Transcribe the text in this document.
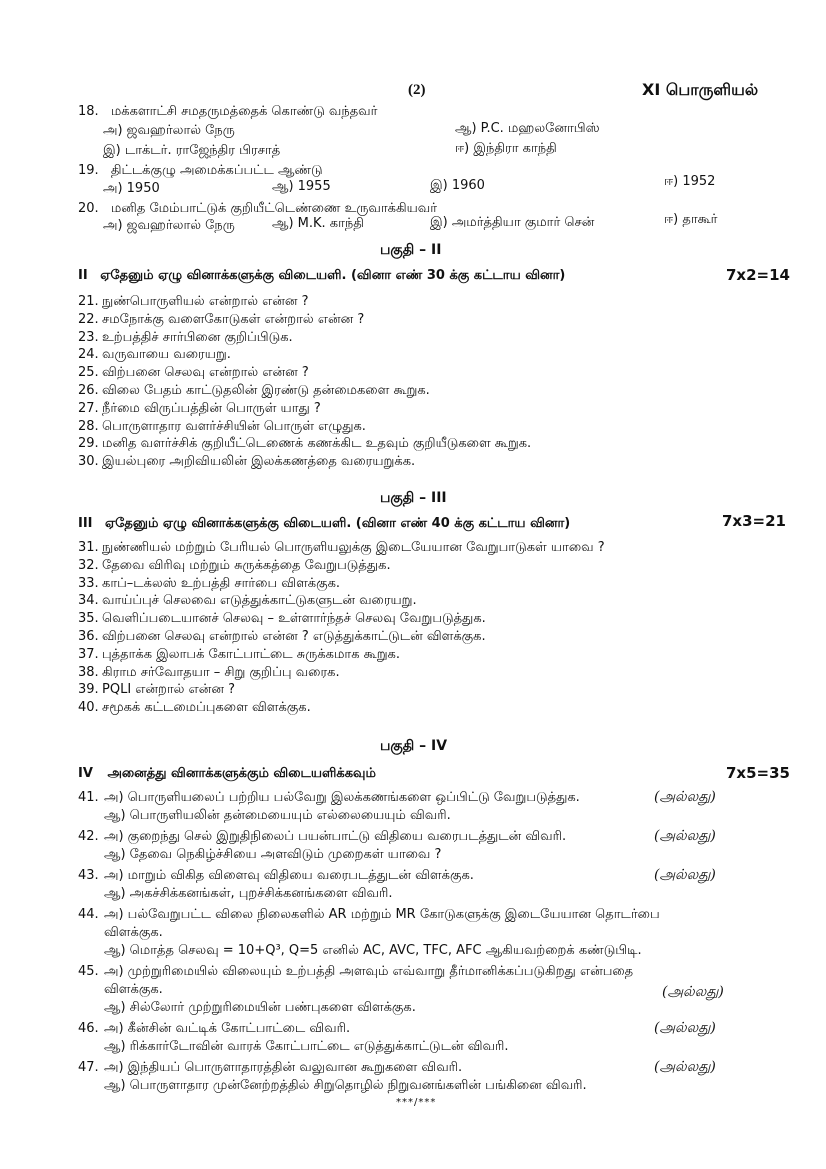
(2)	XI பொருளியல்
18. மக்களாட்சி சமதருமத்தைக் கொண்டு வந்தவர்
அ) ஜவஹர்லால் நேரு	ஆ) P.C. மஹலனோபிஸ்
இ) டாக்டர். ராஜேந்திர பிரசாத்	ஈ) இந்திரா காந்தி
19. திட்டக்குழு அமைக்கப்பட்ட ஆண்டு
அ) 1950	ஆ) 1955	இ) 1960	ஈ) 1952
20. மனித மேம்பாட்டுக் குறியீட்டெண்ணை உருவாக்கியவர்
அ) ஜவஹர்லால் நேரு	ஆ) M.K. காந்தி	இ) அமர்த்தியா குமார் சென்	ஈ) தாகூர்
பகுதி – II
II ஏதேனும் ஏழு வினாக்களுக்கு விடையளி. (வினா எண் 30 க்கு கட்டாய வினா)	7x2=14
21. நுண்பொருளியல் என்றால் என்ன ?
22. சமநோக்கு வளைகோடுகள் என்றால் என்ன ?
23. உற்பத்திச் சார்பினை குறிப்பிடுக.
24. வருவாயை வரையறு.
25. விற்பனை செலவு என்றால் என்ன ?
26. விலை பேதம் காட்டுதலின் இரண்டு தன்மைகளை கூறுக.
27. நீர்மை விருப்பத்தின் பொருள் யாது ?
28. பொருளாதார வளர்ச்சியின் பொருள் எழுதுக.
29. மனித வளர்ச்சிக் குறியீட்டெணைக் கணக்கிட உதவும் குறியீடுகளை கூறுக.
30. இயல்புரை அறிவியலின் இலக்கணத்தை வரையறுக்க.
பகுதி – III
III ஏதேனும் ஏழு வினாக்களுக்கு விடையளி. (வினா எண் 40 க்கு கட்டாய வினா)	7x3=21
31. நுண்ணியல் மற்றும் பேரியல் பொருளியலுக்கு இடையேயான வேறுபாடுகள் யாவை ?
32. தேவை விரிவு மற்றும் சுருக்கத்தை வேறுபடுத்துக.
33. காப்–டக்லஸ் உற்பத்தி சார்பை விளக்குக.
34. வாய்ப்புச் செலவை எடுத்துக்காட்டுகளுடன் வரையறு.
35. வெளிப்படையானச் செலவு – உள்ளார்ந்தச் செலவு வேறுபடுத்துக.
36. விற்பனை செலவு என்றால் என்ன ? எடுத்துக்காட்டுடன் விளக்குக.
37. புத்தாக்க இலாபக் கோட்பாட்டை சுருக்கமாக கூறுக.
38. கிராம சர்வோதயா – சிறு குறிப்பு வரைக.
39. PQLI என்றால் என்ன ?
40. சமூகக் கட்டமைப்புகளை விளக்குக.
பகுதி – IV
IV அனைத்து வினாக்களுக்கும் விடையளிக்கவும்	7x5=35
41. அ) பொருளியலைப் பற்றிய பல்வேறு இலக்கணங்களை ஒப்பிட்டு வேறுபடுத்துக.	(அல்லது)
ஆ) பொருளியலின் தன்மையையும் எல்லையையும் விவரி.
42. அ) குறைந்து செல் இறுதிநிலைப் பயன்பாட்டு விதியை வரைபடத்துடன் விவரி.	(அல்லது)
ஆ) தேவை நெகிழ்ச்சியை அளவிடும் முறைகள் யாவை ?
43. அ) மாறும் விகித விளைவு விதியை வரைபடத்துடன் விளக்குக.	(அல்லது)
ஆ) அகச்சிக்கனங்கள், புறச்சிக்கனங்களை விவரி.
44. அ) பல்வேறுபட்ட விலை நிலைகளில் AR மற்றும் MR கோடுகளுக்கு இடையேயான தொடர்பை
விளக்குக.
ஆ) மொத்த செலவு = 10+Q³, Q=5 எனில் AC, AVC, TFC, AFC ஆகியவற்றைக் கண்டுபிடி.
45. அ) முற்றுரிமையில் விலையும் உற்பத்தி அளவும் எவ்வாறு தீர்மானிக்கப்படுகிறது என்பதை
விளக்குக.	(அல்லது)
ஆ) சில்லோர் முற்றுரிமையின் பண்புகளை விளக்குக.
46. அ) கீன்சின் வட்டிக் கோட்பாட்டை விவரி.	(அல்லது)
ஆ) ரிக்கார்டோவின் வாரக் கோட்பாட்டை எடுத்துக்காட்டுடன் விவரி.
47. அ) இந்தியப் பொருளாதாரத்தின் வலுவான கூறுகளை விவரி.	(அல்லது)
ஆ) பொருளாதார முன்னேற்றத்தில் சிறுதொழில் நிறுவனங்களின் பங்கினை விவரி.
***/***
